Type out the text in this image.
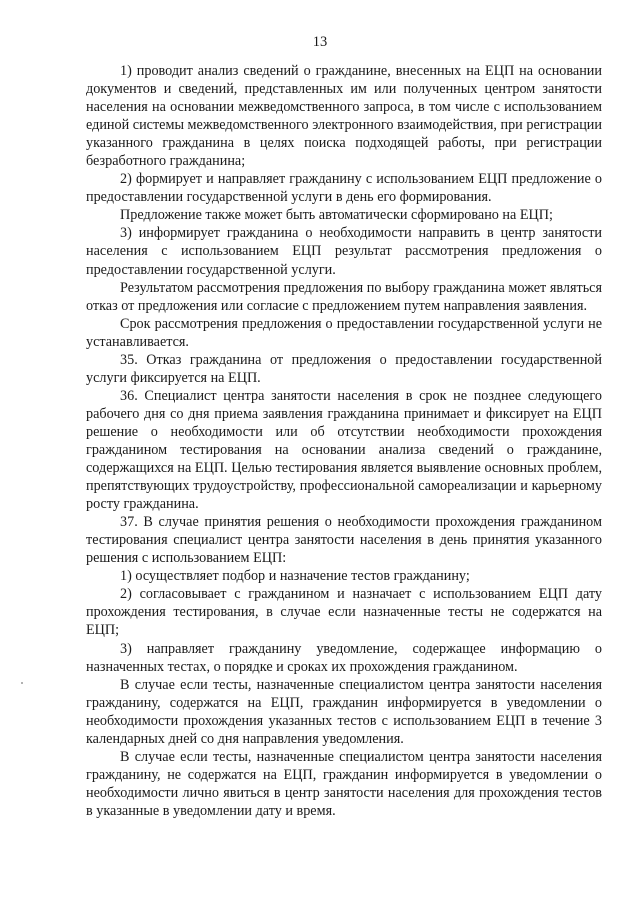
13

1) проводит анализ сведений о гражданине, внесенных на ЕЦП на основании документов и сведений, представленных им или полученных центром занятости населения на основании межведомственного запроса, в том числе с использованием единой системы межведомственного электронного взаимодействия, при регистрации указанного гражданина в целях поиска подходящей работы, при регистрации безработного гражданина;

2) формирует и направляет гражданину с использованием ЕЦП предложение о предоставлении государственной услуги в день его формирования.

Предложение также может быть автоматически сформировано на ЕЦП;

3) информирует гражданина о необходимости направить в центр занятости населения с использованием ЕЦП результат рассмотрения предложения о предоставлении государственной услуги.

Результатом рассмотрения предложения по выбору гражданина может являться отказ от предложения или согласие с предложением путем направления заявления.

Срок рассмотрения предложения о предоставлении государственной услуги не устанавливается.

35. Отказ гражданина от предложения о предоставлении государственной услуги фиксируется на ЕЦП.

36. Специалист центра занятости населения в срок не позднее следующего рабочего дня со дня приема заявления гражданина принимает и фиксирует на ЕЦП решение о необходимости или об отсутствии необходимости прохождения гражданином тестирования на основании анализа сведений о гражданине, содержащихся на ЕЦП. Целью тестирования является выявление основных проблем, препятствующих трудоустройству, профессиональной самореализации и карьерному росту гражданина.

37. В случае принятия решения о необходимости прохождения гражданином тестирования специалист центра занятости населения в день принятия указанного решения с использованием ЕЦП:

1) осуществляет подбор и назначение тестов гражданину;

2) согласовывает с гражданином и назначает с использованием ЕЦП дату прохождения тестирования, в случае если назначенные тесты не содержатся на ЕЦП;

3) направляет гражданину уведомление, содержащее информацию о назначенных тестах, о порядке и сроках их прохождения гражданином.

В случае если тесты, назначенные специалистом центра занятости населения гражданину, содержатся на ЕЦП, гражданин информируется в уведомлении о необходимости прохождения указанных тестов с использованием ЕЦП в течение 3 календарных дней со дня направления уведомления.

В случае если тесты, назначенные специалистом центра занятости населения гражданину, не содержатся на ЕЦП, гражданин информируется в уведомлении о необходимости лично явиться в центр занятости населения для прохождения тестов в указанные в уведомлении дату и время.
